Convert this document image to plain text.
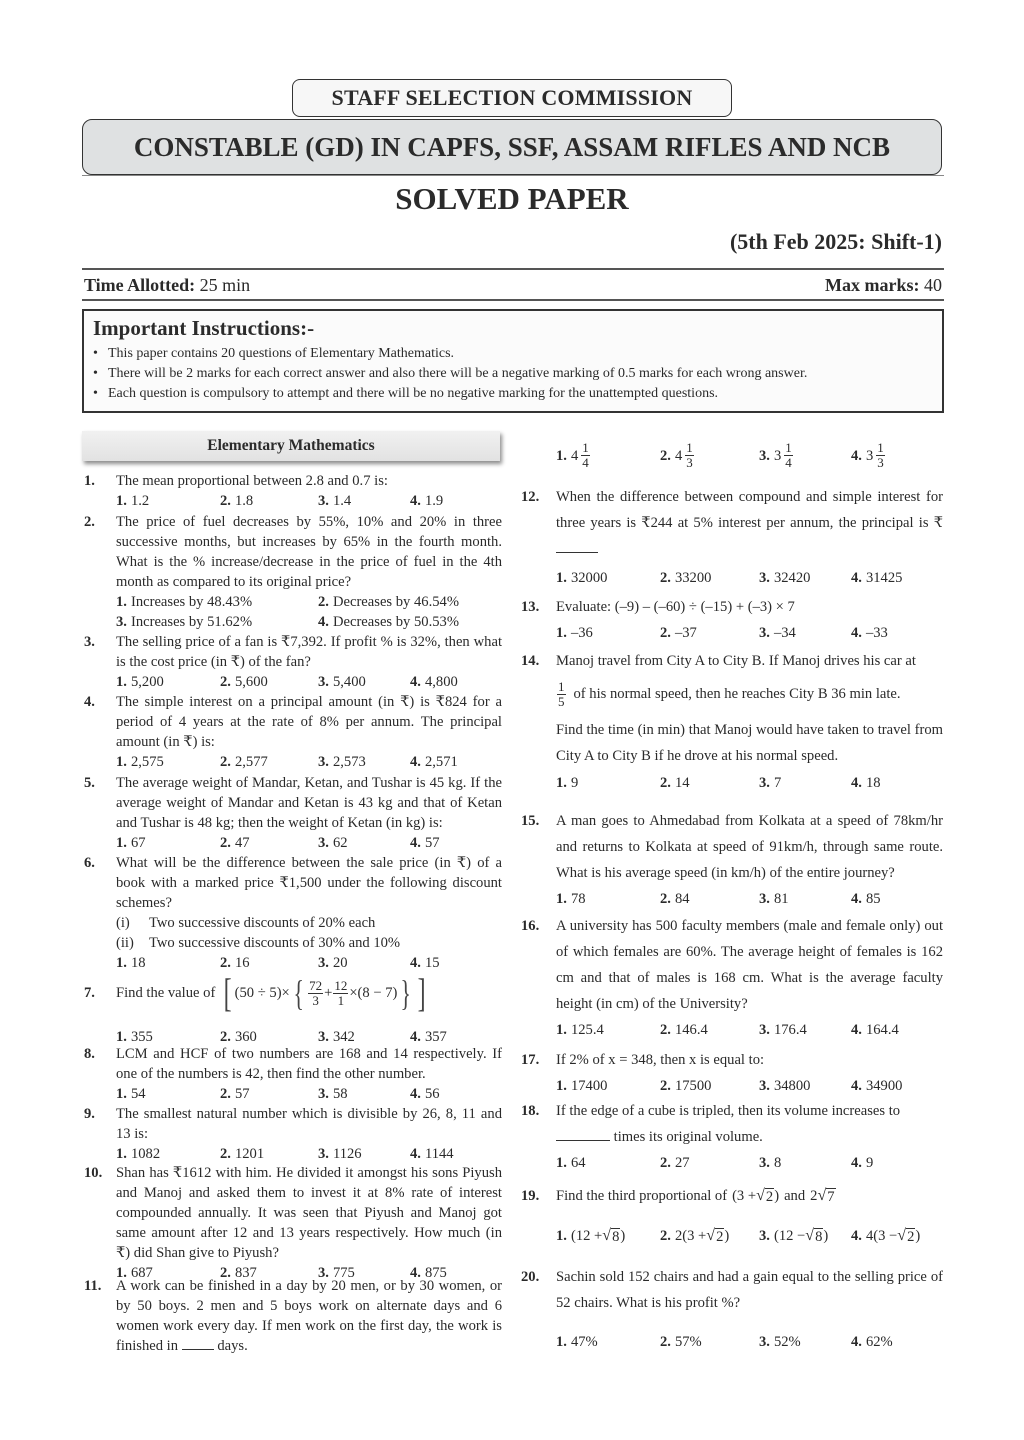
STAFF SELECTION COMMISSION
CONSTABLE (GD) IN CAPFS, SSF, ASSAM RIFLES AND NCB
SOLVED PAPER
(5th Feb 2025: Shift-1)
Time Allotted: 25 min	Max marks: 40
Important Instructions:-
• This paper contains 20 questions of Elementary Mathematics.
• There will be 2 marks for each correct answer and also there will be a negative marking of 0.5 marks for each wrong answer.
• Each question is compulsory to attempt and there will be no negative marking for the unattempted questions.
Elementary Mathematics
1. The mean proportional between 2.8 and 0.7 is:
1. 1.2	2. 1.8	3. 1.4	4. 1.9
2. The price of fuel decreases by 55%, 10% and 20% in three successive months, but increases by 65% in the fourth month. What is the % increase/decrease in the price of fuel in the 4th month as compared to its original price?
1. Increases by 48.43%	2. Decreases by 46.54%
3. Increases by 51.62%	4. Decreases by 50.53%
3. The selling price of a fan is ₹7,392. If profit % is 32%, then what is the cost price (in ₹) of the fan?
1. 5,200	2. 5,600	3. 5,400	4. 4,800
4. The simple interest on a principal amount (in ₹) is ₹824 for a period of 4 years at the rate of 8% per annum. The principal amount (in ₹) is:
1. 2,575	2. 2,577	3. 2,573	4. 2,571
5. The average weight of Mandar, Ketan, and Tushar is 45 kg. If the average weight of Mandar and Ketan is 43 kg and that of Ketan and Tushar is 48 kg; then the weight of Ketan (in kg) is:
1. 67	2. 47	3. 62	4. 57
6. What will be the difference between the sale price (in ₹) of a book with a marked price ₹1,500 under the following discount schemes?
(i) Two successive discounts of 20% each
(ii) Two successive discounts of 30% and 10%
1. 18	2. 16	3. 20	4. 15
7. Find the value of [ (50 ÷ 5)× { $\frac{72}{3} + \frac{12}{1} \times(8 - 7)$ } ]
1. 355	2. 360	3. 342	4. 357
8. LCM and HCF of two numbers are 168 and 14 respectively. If one of the numbers is 42, then find the other number.
1. 54	2. 57	3. 58	4. 56
9. The smallest natural number which is divisible by 26, 8, 11 and 13 is:
1. 1082	2. 1201	3. 1126	4. 1144
10. Shan has ₹1612 with him. He divided it amongst his sons Piyush and Manoj and asked them to invest it at 8% rate of interest compounded annually. It was seen that Piyush and Manoj got same amount after 12 and 13 years respectively. How much (in ₹) did Shan give to Piyush?
1. 687	2. 837	3. 775	4. 875
11. A work can be finished in a day by 20 men, or by 30 women, or by 50 boys. 2 men and 5 boys work on alternate days and 6 women work every day. If men work on the first day, the work is finished in	days.
1. $4 \frac{1}{4}$	2. $4 \frac{1}{3}$	3. $3 \frac{1}{4}$	4. $3 \frac{1}{3}$
12. When the difference between compound and simple interest for three years is ₹244 at 5% interest per annum, the principal is ₹
1. 32000	2. 33200	3. 32420	4. 31425
13. Evaluate: (–9) – (–60) ÷ (–15) + (–3) × 7
1. –36	2. –37	3. –34	4. –33
14. Manoj travel from City A to City B. If Manoj drives his car at
$\frac{1}{5}$ of his normal speed, then he reaches City B 36 min late.
Find the time (in min) that Manoj would have taken to travel from City A to City B if he drove at his normal speed.
1. 9	2. 14	3. 7	4. 18
15. A man goes to Ahmedabad from Kolkata at a speed of 78km/hr and returns to Kolkata at speed of 91km/h, through same route. What is his average speed (in km/h) of the entire journey?
1. 78	2. 84	3. 81	4. 85
16. A university has 500 faculty members (male and female only) out of which females are 60%. The average height of females is 162 cm and that of males is 168 cm. What is the average faculty height (in cm) of the University?
1. 125.4	2. 146.4	3. 176.4	4. 164.4
17. If 2% of x = 348, then x is equal to:
1. 17400	2. 17500	3. 34800	4. 34900
18. If the edge of a cube is tripled, then its volume increases to
times its original volume.
1. 64	2. 27	3. 8	4. 9
19. Find the third proportional of (3 + √ 2 ) and 2 √ 7
1. (12 + √ 8 ) 2. 2(3 + √ 2 ) 3. (12 − √ 8 ) 4. 4(3 − √ 2 )
20. Sachin sold 152 chairs and had a gain equal to the selling price of 52 chairs. What is his profit %?
1. 47%	2. 57%	3. 52%	4. 62%
